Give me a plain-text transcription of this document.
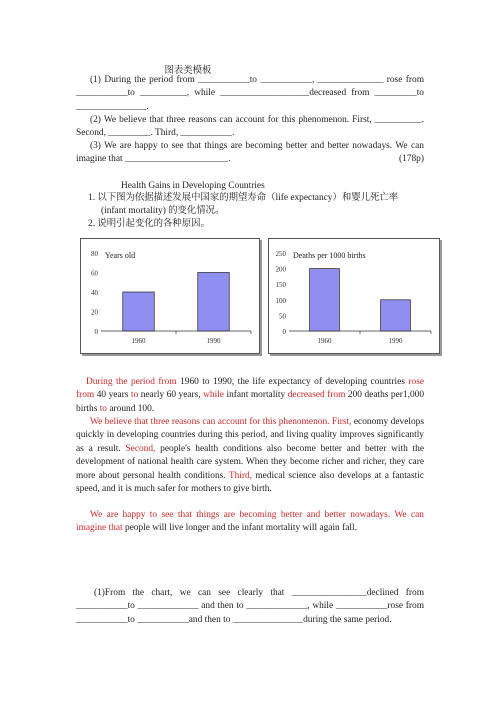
图表类模板
(1) During the period from ___________to ___________, ______________ rose from ___________to __________, while ___________________decreased from _________to _______________.
(2) We believe that three reasons can account for this phenomenon. First, __________. Second, _________. Third, ___________.
(3) We are happy to see that things are becoming better and better nowadays. We can imagine that ______________________.	(178p)
Health Gains in Developing Countries
1. 以下图为依据描述发展中国家的期望寿命（life expectancy）和婴儿死亡率
(infant mortality) 的变化情况。
2. 说明引起变化的各种原因。
0
20
40
60
80 Years old
1960	1990
0
50
100
150
200
250 Deaths per 1000 births
1960	1990
During the period from 1960 to 1990, the life expectancy of developing countries rose from 40 years to nearly 60 years, while infant mortality decreased from 200 deaths per1,000 births to around 100.
We believe that three reasons can account for this phenomenon. First, economy develops quickly in developing countries during this period, and living quality improves significantly as a result. Second, people's health conditions also become better and better with the development of national health care system. When they become richer and richer, they care more about personal health conditions. Third, medical science also develops at a fantastic speed, and it is much safer for mothers to give birth.
We are happy to see that things are becoming better and better nowadays. We can imagine that people will live longer and the infant mortality will again fall.
(1)From the chart, we can see clearly that ________________declined from ___________to _____________ and then to _____________, while ___________rose from ___________to ___________and then to _______________during the same period.
